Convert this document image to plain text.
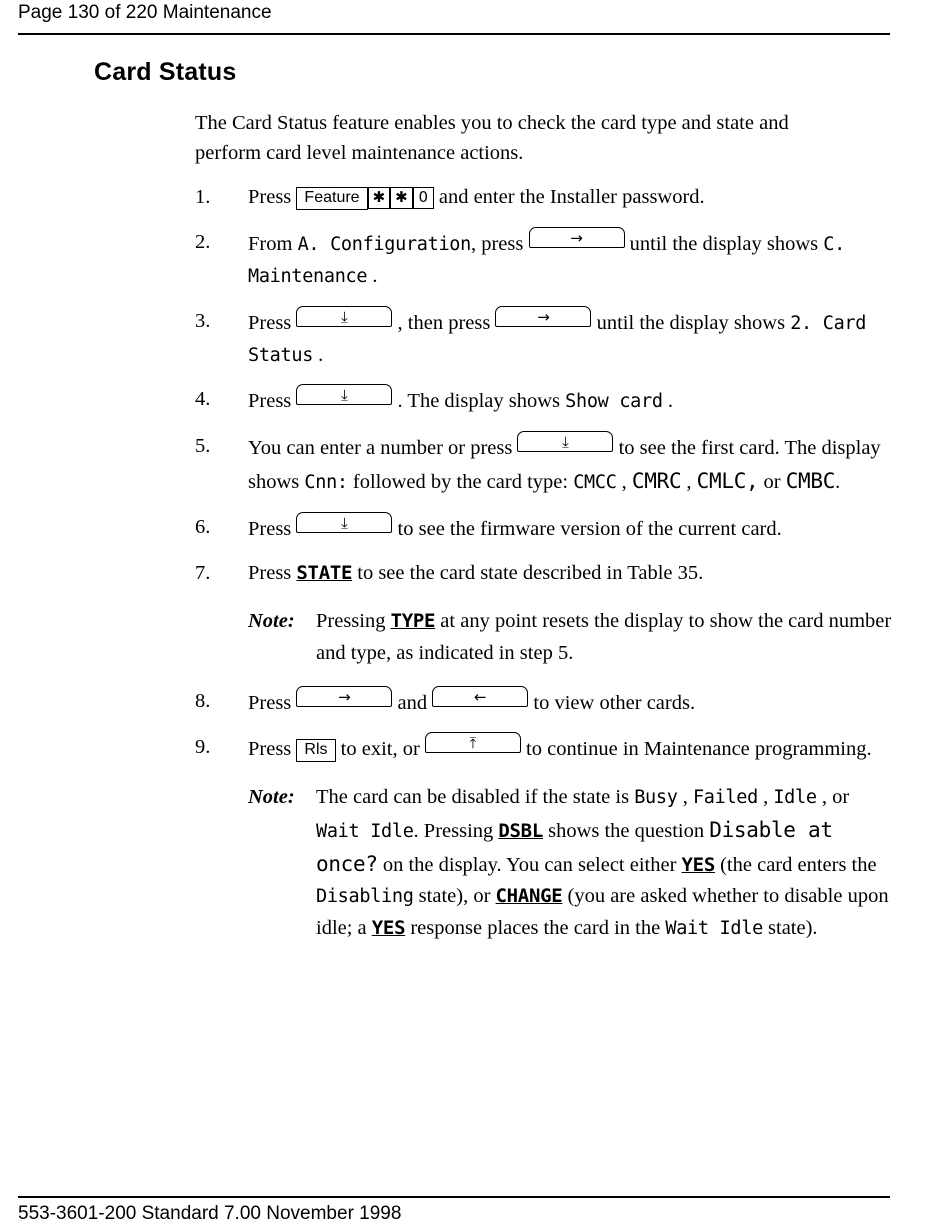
Page 130 of 220 Maintenance
Card Status

The Card Status feature enables you to check the card type and state and perform card level maintenance actions.

1.	Press Feature ✱ ✱ 0 and enter the Installer password.
2.	From A. Configuration, press	→ until the display shows C. Maintenance .
3.	Press	⤓ , then press	→ until the display shows 2. Card Status .
4.	Press	⤓ . The display shows Show card .
5.	You can enter a number or press	⤓ to see the first card. The display shows Cnn: followed by the card type: CMCC , CMRC , CMLC, or CMBC.
6.	Press	⤓ to see the firmware version of the current card.
7.	Press STATE to see the card state described in Table 35.
Note: Pressing TYPE at any point resets the display to show the card number and type, as indicated in step 5.
8.	Press	→ and	← to view other cards.
9.	Press Rls to exit, or	⤒ to continue in Maintenance programming.
Note: The card can be disabled if the state is Busy , Failed , Idle , or Wait Idle. Pressing DSBL shows the question Disable at once? on the display. You can select either YES (the card enters the Disabling state), or CHANGE (you are asked whether to disable upon idle; a YES response places the card in the Wait Idle state).
553-3601-200 Standard 7.00 November 1998
